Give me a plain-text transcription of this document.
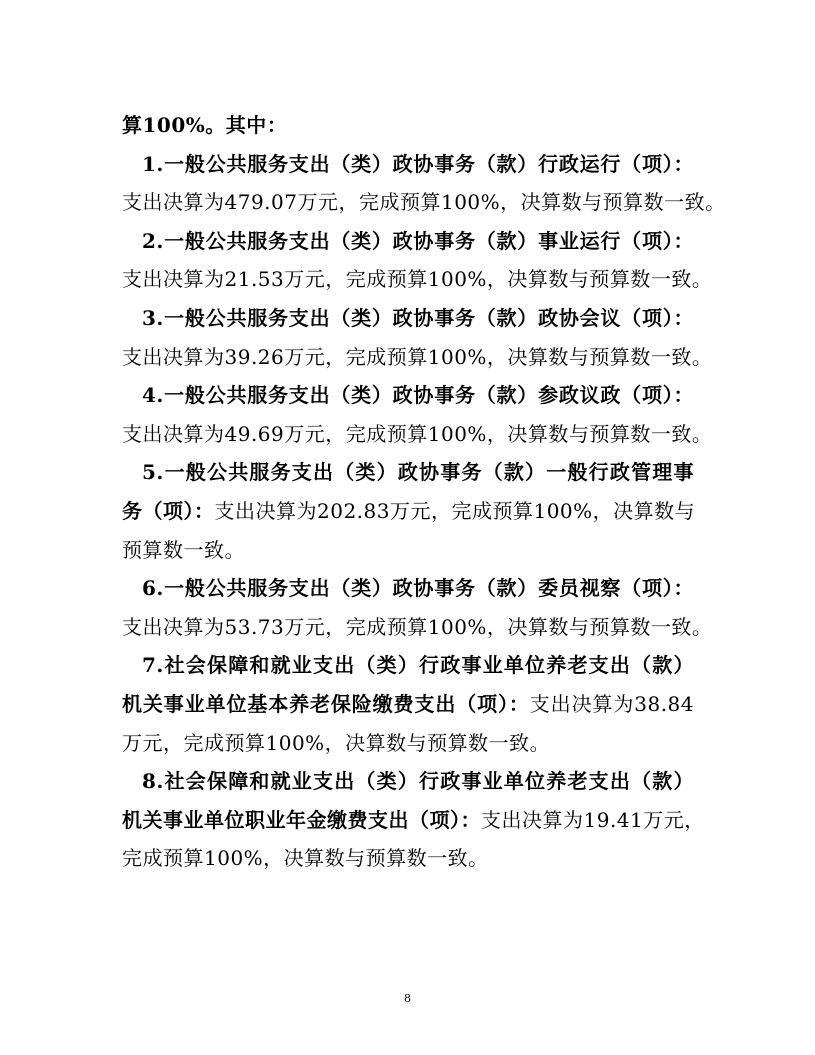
算100%。其中：
1.一般公共服务支出（类）政协事务（款）行政运行（项）：
支出决算为479.07万元，完成预算100%，决算数与预算数一致。
2.一般公共服务支出（类）政协事务（款）事业运行（项）：
支出决算为21.53万元，完成预算100%，决算数与预算数一致。
3.一般公共服务支出（类）政协事务（款）政协会议（项）：
支出决算为39.26万元，完成预算100%，决算数与预算数一致。
4.一般公共服务支出（类）政协事务（款）参政议政（项）：
支出决算为49.69万元，完成预算100%，决算数与预算数一致。
5.一般公共服务支出（类）政协事务（款）一般行政管理事
务（项）：支出决算为202.83万元，完成预算100%，决算数与
预算数一致。
6.一般公共服务支出（类）政协事务（款）委员视察（项）：
支出决算为53.73万元，完成预算100%，决算数与预算数一致。
7.社会保障和就业支出（类）行政事业单位养老支出（款）
机关事业单位基本养老保险缴费支出（项）：支出决算为38.84
万元，完成预算100%，决算数与预算数一致。
8.社会保障和就业支出（类）行政事业单位养老支出（款）
机关事业单位职业年金缴费支出（项）：支出决算为19.41万元，
完成预算100%，决算数与预算数一致。
8
